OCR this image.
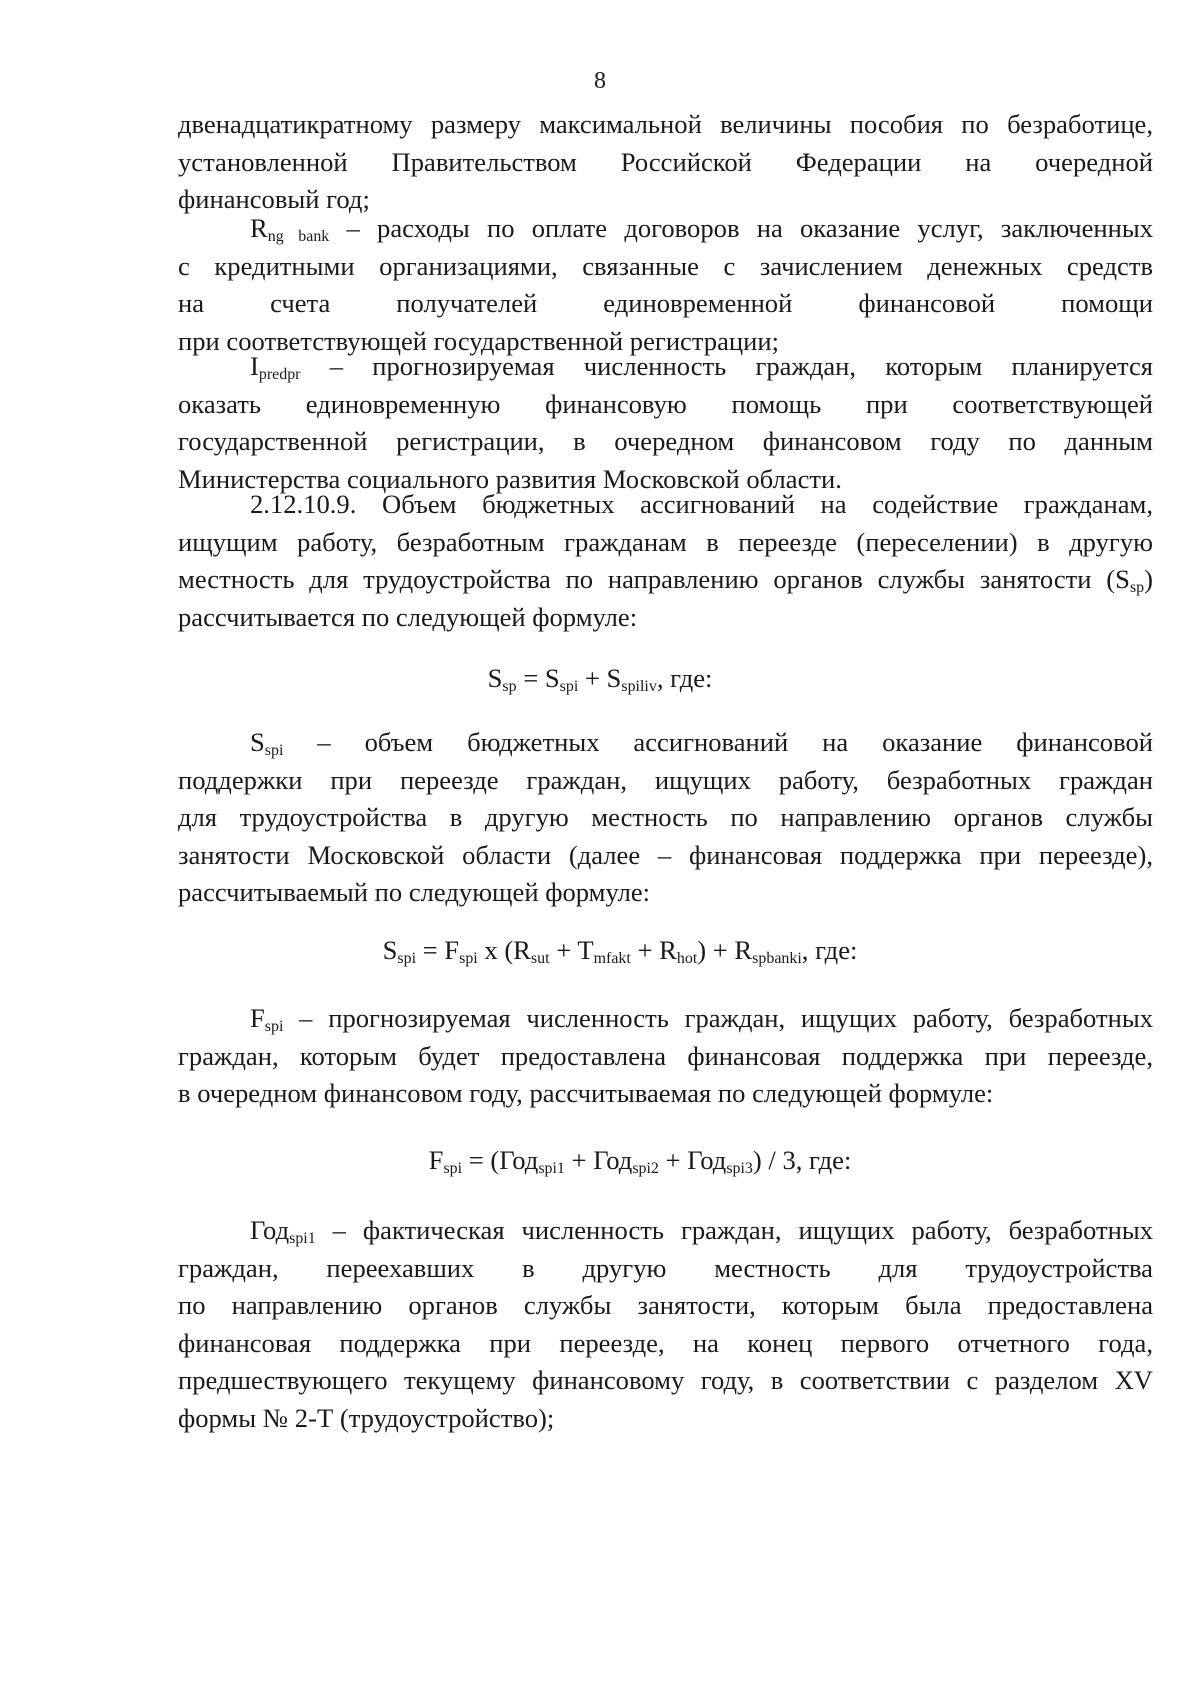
8
двенадцатикратному размеру максимальной величины пособия по безработице,
установленной Правительством Российской Федерации на очередной
финансовый год;
$R_{ng bank}$ – расходы по оплате договоров на оказание услуг, заключенных
с кредитными организациями, связанные с зачислением денежных средств
на счета получателей единовременной финансовой помощи
при соответствующей государственной регистрации;
$I_{predpr}$ – прогнозируемая численность граждан, которым планируется
оказать единовременную финансовую помощь при соответствующей
государственной регистрации, в очередном финансовом году по данным
Министерства социального развития Московской области.
2.12.10.9. Объем бюджетных ассигнований на содействие гражданам,
ищущим работу, безработным гражданам в переезде (переселении) в другую
местность для трудоустройства по направлению органов службы занятости $(S_{sp})$
рассчитывается по следующей формуле:
$S_{sp} = S_{spi} + S_{spiliv}$, где:
$S_{spi}$ – объем бюджетных ассигнований на оказание финансовой
поддержки при переезде граждан, ищущих работу, безработных граждан
для трудоустройства в другую местность по направлению органов службы
занятости Московской области (далее – финансовая поддержка при переезде),
рассчитываемый по следующей формуле:
$S_{spi} = F_{spi}$ x $(R_{sut} + T_{mfakt} + R_{hot}) + R_{spbanki}$, где:
$F_{spi}$ – прогнозируемая численность граждан, ищущих работу, безработных
граждан, которым будет предоставлена финансовая поддержка при переезде,
в очередном финансовом году, рассчитываемая по следующей формуле:
$F_{spi} = (Год_{spi1} + Год_{spi2} + Год_{spi3}) / 3$, где:
Год$_{spi1}$ – фактическая численность граждан, ищущих работу, безработных
граждан, переехавших в другую местность для трудоустройства
по направлению органов службы занятости, которым была предоставлена
финансовая поддержка при переезде, на конец первого отчетного года,
предшествующего текущему финансовому году, в соответствии с разделом XV
формы № 2-Т (трудоустройство);
